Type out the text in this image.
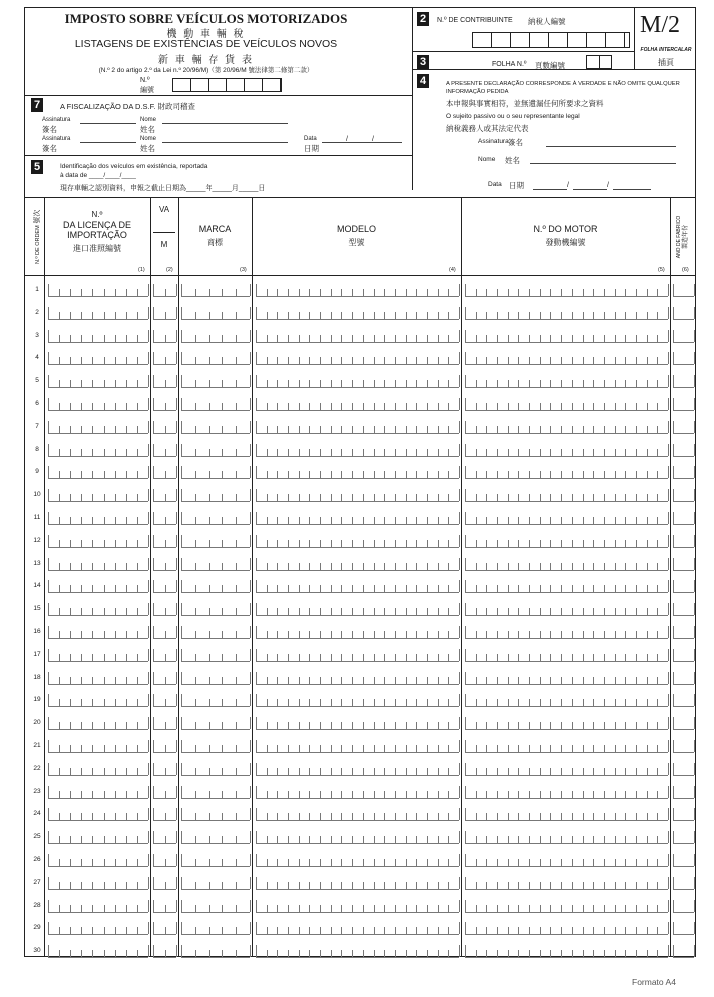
IMPOSTO SOBRE VEÍCULOS MOTORIZADOS
機 動 車 輛 稅
LISTAGENS DE EXISTÊNCIAS DE VEÍCULOS NOVOS
新 車 輛 存 貨 表
(N.º 2 do artigo 2.º da Lei n.º 20/96/M)（第 20/96/M 號法律第二條第二款）
N.º
編號
2	N.º DE CONTRIBUINTE 納稅人編號	M/2
FOLHA INTERCALAR
插頁
3	FOLHA N.º 頁數編號
4	A PRESENTE DECLARAÇÃO CORRESPONDE À VERDADE E NÃO OMITE QUALQUER INFORMAÇÃO PEDIDA
本申報與事實相符，並無遺漏任何所要求之資料
O sujeito passivo ou o seu representante legal
納稅義務人或其法定代表
Assinatura 簽名
Nome 姓名
Data 日期	/	/
7	A FISCALIZAÇÃO DA D.S.F. 財政司稽查
Assinatura
簽名
Nome
姓名
Assinatura
簽名
Nome
姓名
Data
日期
/	/
5	Identificação dos veículos em existência, reportada
à data de ____/____/____
現存車輛之認別資料，申報之截止日期為_____年_____月_____日
N.º DE ORDEM 號次	N.º
DA LICENÇA DE
IMPORTAÇÃO
進口准照編號
VA
M
MARCA
商標
MODELO
型號
N.º DO MOTOR
發動機編號	ANO DE FABRICO
製造年份
(1)	(2)	(3)	(4)	(5)	(6)
1
2
3
4
5
6
7
8
9
10
11
12
13
14
15
16
17
18
19
20
21
22
23
24
25
26
27
28
29
30
Formato A4
